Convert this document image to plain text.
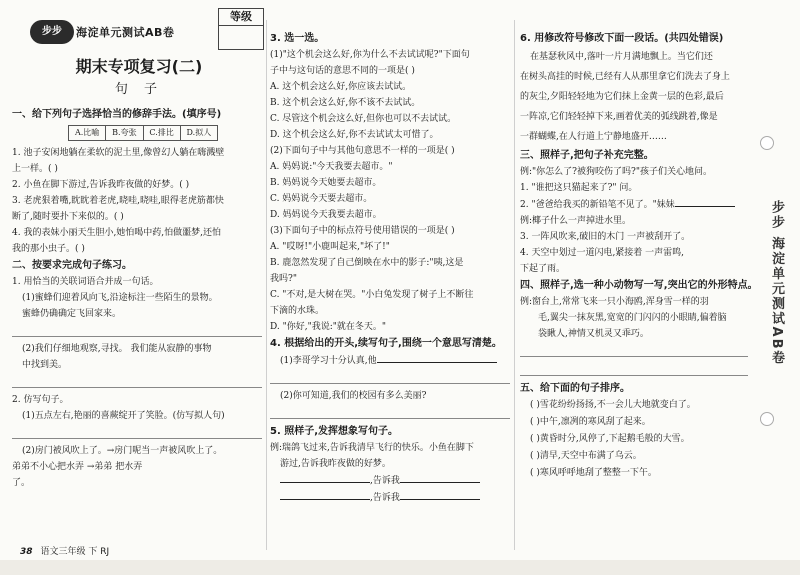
步步	海淀单元测试AB卷
等级
期末专项复习(二)
句 子
一、给下列句子选择恰当的修辞手法。(填序号)
A.比喻	B.夸张	C.排比	D.拟人
1. 池子安闲地躺在柔软的泥土里,像曾幻人躺在嗨溅壁
上一样。( )
2. 小鱼在脚下游过,告诉我昨夜做的好梦。( )
3. 老虎狠着嘴,眈眈着老虎,晓哇,晓哇,眼得老虎筋都快
断了,随时要扑下来似的。( )
4. 我的表妹小丽天生胆小,她怕喝中药,怕做噩梦,还怕
我的那小虫子。( )
二、按要求完成句子练习。
1. 用恰当的关联词语合并成一句话。
(1)蜜蜂们迎着风向飞,沿途标注一些陌生的景物。
蜜蜂仍确确定飞回家来。
(2)我们仔细地观察,寻找。 我们能从寂静的事物
中找到美。
2. 仿写句子。
(1)五点左右,艳丽的喜蕨绽开了笑脸。(仿写拟人句)
(2)房门被风吹上了。→房门呢当一声被风吹上了。
弟弟不小心把水弄 →弟弟 把水弄
了。
3. 选一选。
(1)"这个机会这么好,你为什么不去试试呢?"下面句
子中与这句话的意思不同的一项是( )
A. 这个机会这么好,你应该去试试。
B. 这个机会这么好,你不该不去试试。
C. 尽管这个机会这么好,但你也可以不去试试。
D. 这个机会这么好,你不去试试太可惜了。
(2)下面句子中与其他句意思不一样的一项是( )
A. 妈妈说:"今天我要去超市。"
B. 妈妈说今天她要去超市。
C. 妈妈说今天要去超市。
D. 妈妈说今天我要去超市。
(3)下面句子中的标点符号使用错误的一项是( )
A. "哎呀!"小鹿叫起来,"坏了!"
B. 鹿忽然发现了自己倒映在水中的影子:"咦,这是
我吗?"
C. "不对,是大树在哭。"小白兔发现了树子上不断往
下滴的水珠。
D. "你好,"我说:"就在冬天。"
4. 根据给出的开头,续写句子,围绕一个意思写清楚。
(1)李哥学习十分认真,他
(2)你可知道,我们的校园有多么美丽?
5. 照样子,发挥想象写句子。
例:瑞鸽飞过来,告诉我清早飞行的快乐。小鱼在脚下
游过,告诉我昨夜做的好梦。
,告诉我
,告诉我
6. 用修改符号修改下面一段话。(共四处错误)
在基瑟秋风中,落叶一片月满地飘上。当它们还
在树头高挂的时候,已经有人从那里拿它们洗去了身上
的灰尘,夕阳轻轻地为它们抹上金黄一层的色彩,最后
一阵凉,它们轻轻掉下来,画着优美的弧线跳着,像是
一群蝴蝶,在人行道上宁静地盛开……
三、照样子,把句子补充完整。
例:"你怎么了?被狗咬伤了吗?"孩子们关心地问。
1. "谁把这只猫起来了?" 问。
2. "爸爸给我买的新铅笔不见了。"妹妹
例:椰子什么一声掉进水里。
3. 一阵风吹来,破旧的木门 一声被刮开了。
4. 天空中划过一道闪电,紧接着 一声雷鸣,
下起了雨。
四、照样子,选一种小动物写一写,突出它的外形特点。
例:窗台上,常常飞来一只小海鸥,浑身雪一样的羽
毛,翼尖一抹灰黑,宽宽的门闪闪的小眼睛,偏着脑
袋瞅人,神情又机灵又乖巧。
五、给下面的句子排序。
( )雪花纷纷扬扬,不一会儿大地就变白了。
( )中午,凛冽的寒风刮了起来。
( )黄昏时分,风停了,下起鹅毛般的大雪。
( )清早,天空中布满了乌云。
( )寒风呼呼地刮了整整一下午。
步步 海淀单元测试AB卷
38 语文三年级 下 RJ
